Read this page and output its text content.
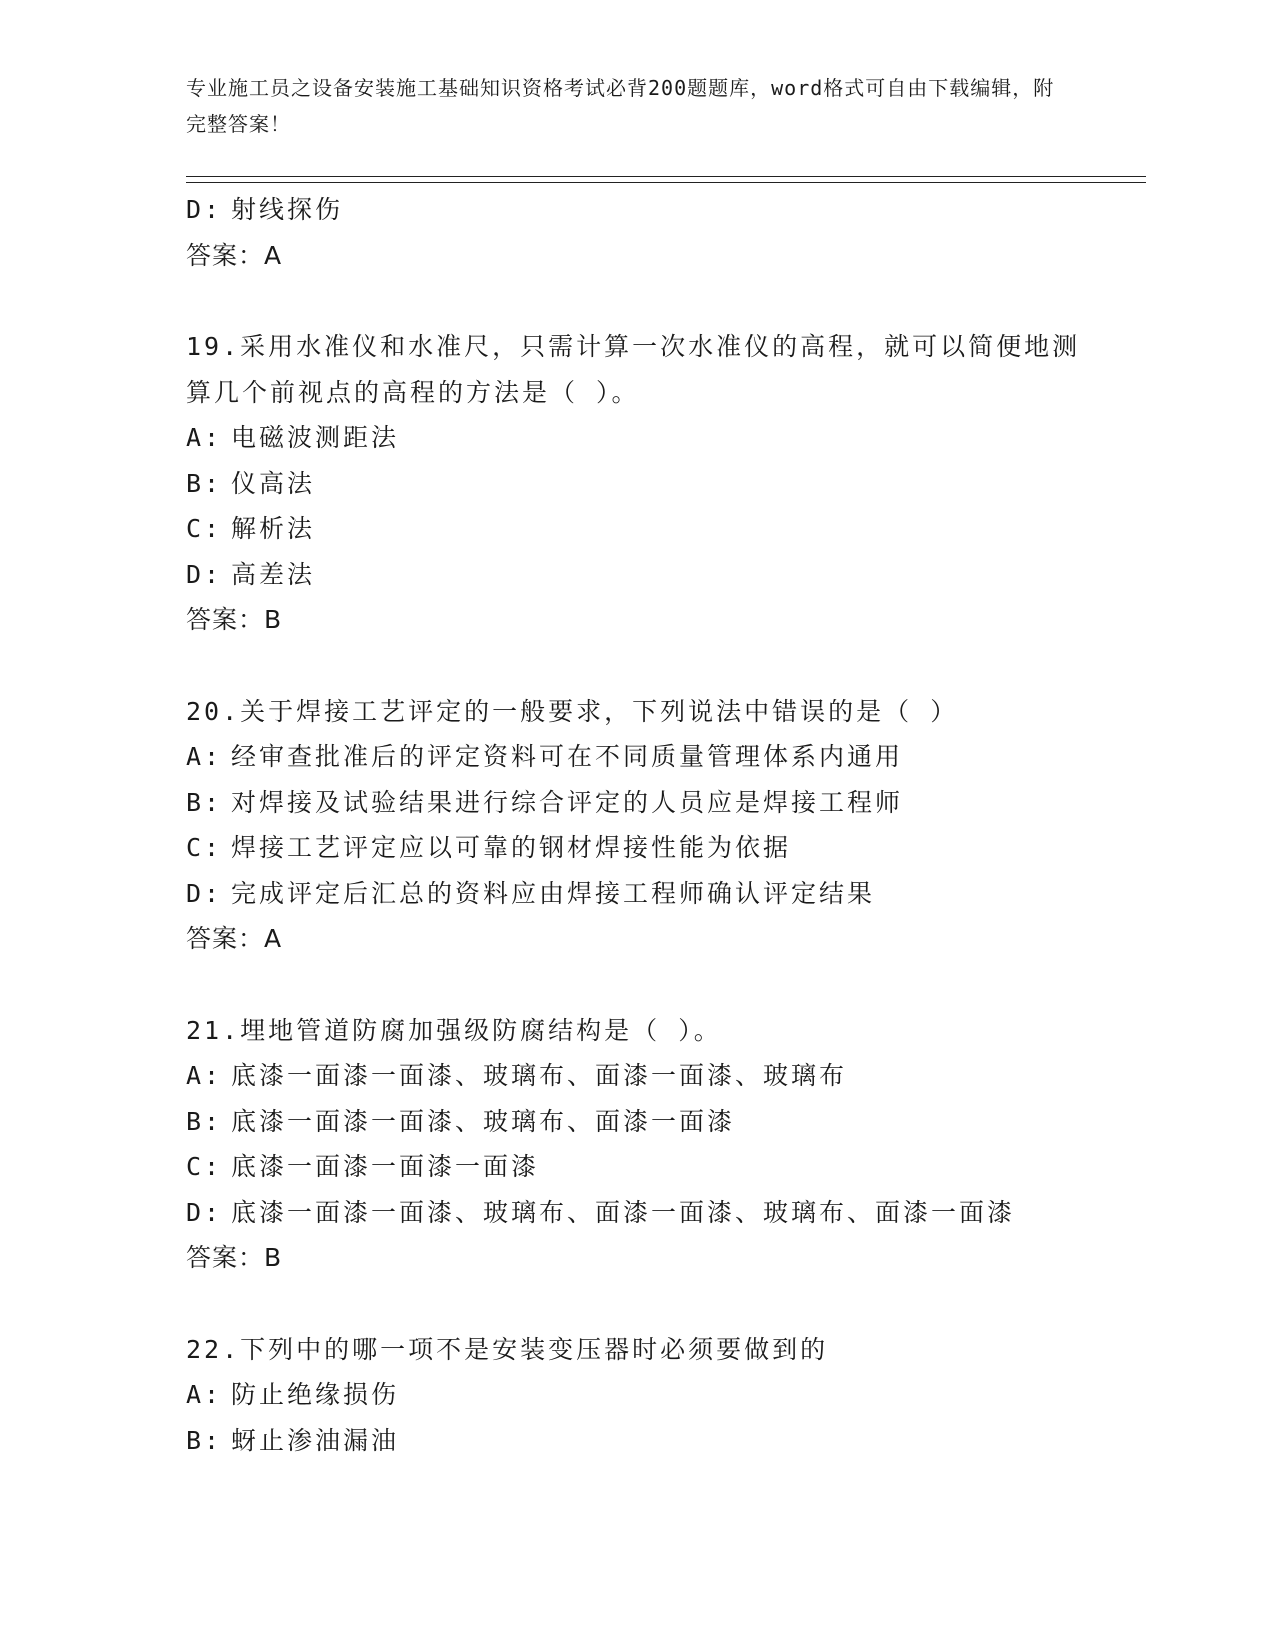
专业施工员之设备安装施工基础知识资格考试必背200题题库，word格式可自由下载编辑，附完整答案！

D: 射线探伤
答案：A
19.采用水准仪和水准尺，只需计算一次水准仪的高程，就可以简便地测算几个前视点的高程的方法是（ ）。
A: 电磁波测距法
B: 仪高法
C: 解析法
D: 高差法
答案：B
20.关于焊接工艺评定的一般要求，下列说法中错误的是（ ）
A: 经审查批准后的评定资料可在不同质量管理体系内通用
B: 对焊接及试验结果进行综合评定的人员应是焊接工程师
C: 焊接工艺评定应以可靠的钢材焊接性能为依据
D: 完成评定后汇总的资料应由焊接工程师确认评定结果
答案：A
21.埋地管道防腐加强级防腐结构是（ ）。
A: 底漆一面漆一面漆、玻璃布、面漆一面漆、玻璃布
B: 底漆一面漆一面漆、玻璃布、面漆一面漆
C: 底漆一面漆一面漆一面漆
D: 底漆一面漆一面漆、玻璃布、面漆一面漆、玻璃布、面漆一面漆
答案：B
22.下列中的哪一项不是安装变压器时必须要做到的
A: 防止绝缘损伤
B: 蚜止渗油漏油
